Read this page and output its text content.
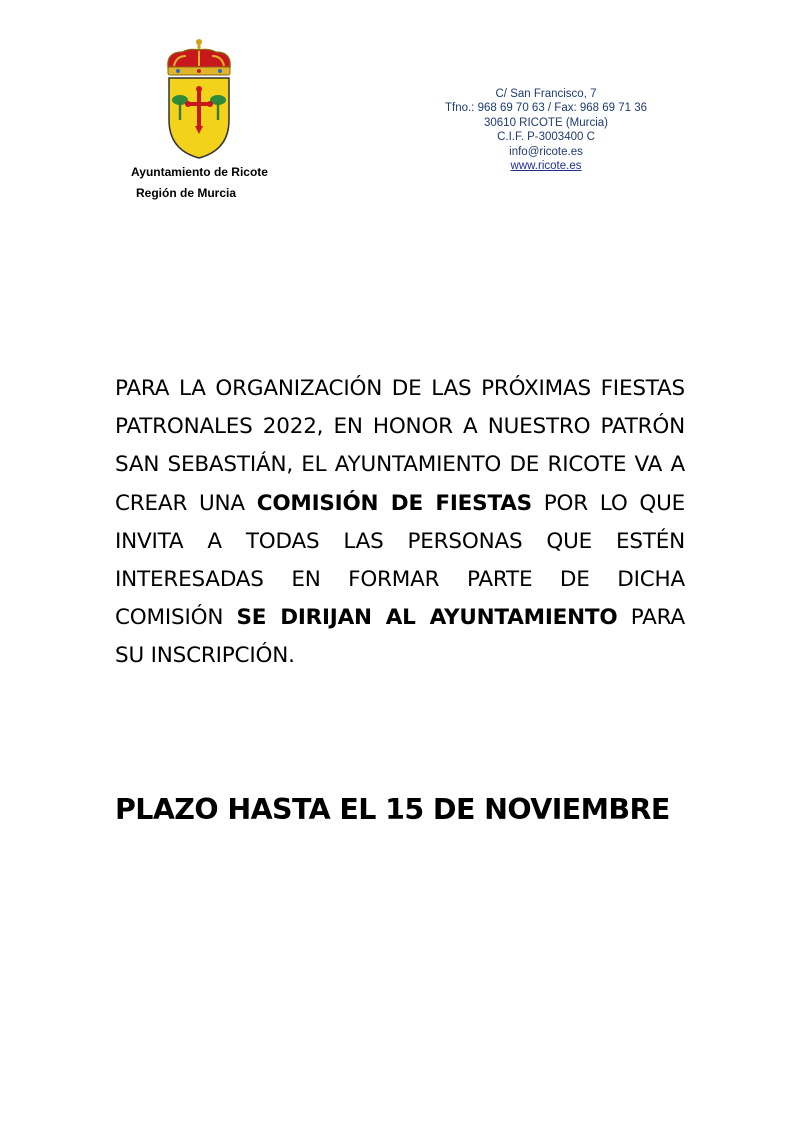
Ayuntamiento de Ricote
Región de Murcia
C/ San Francisco, 7
Tfno.: 968 69 70 63 / Fax: 968 69 71 36
30610 RICOTE (Murcia)
C.I.F. P-3003400 C
info@ricote.es
www.ricote.es
PARA LA ORGANIZACIÓN DE LAS PRÓXIMAS FIESTAS PATRONALES 2022, EN HONOR A NUESTRO PATRÓN SAN SEBASTIÁN, EL AYUNTAMIENTO DE RICOTE VA A CREAR UNA COMISIÓN DE FIESTAS POR LO QUE INVITA A TODAS LAS PERSONAS QUE ESTÉN INTERESADAS EN FORMAR PARTE DE DICHA COMISIÓN SE DIRIJAN AL AYUNTAMIENTO PARA SU INSCRIPCIÓN.
PLAZO HASTA EL 15 DE NOVIEMBRE
